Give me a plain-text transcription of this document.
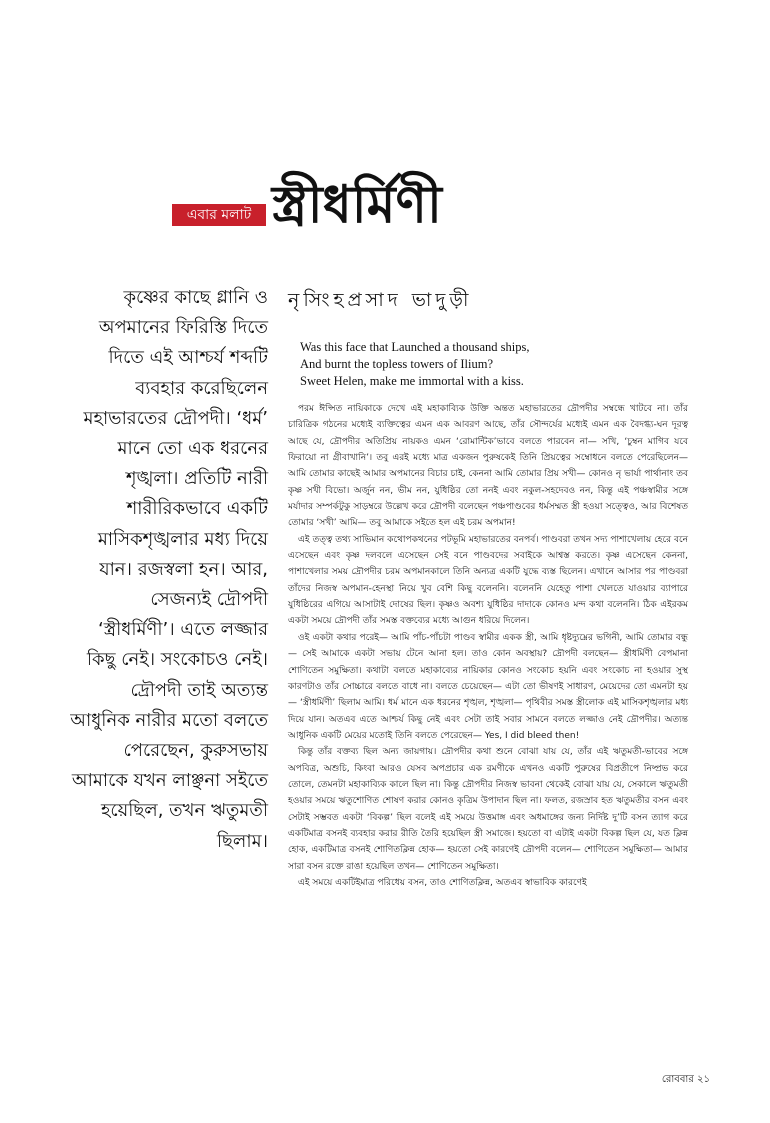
এবার মলাট স্ত্রীধর্মিণী
কৃষ্ণের কাছে গ্লানি ও অপমানের ফিরিস্তি দিতে দিতে এই আশ্চর্য শব্দটি ব্যবহার করেছিলেন মহাভারতের দ্রৌপদী। ‘ধর্ম’ মানে তো এক ধরনের শৃঙ্খলা। প্রতিটি নারী শারীরিকভাবে একটি মাসিকশৃঙ্খলার মধ্য দিয়ে যান। রজস্বলা হন। আর, সেজন্যই দ্রৌপদী ‘স্ত্রীধর্মিণী’। এতে লজ্জার কিছু নেই। সংকোচও নেই। দ্রৌপদী তাই অত্যন্ত আধুনিক নারীর মতো বলতে পেরেছেন, কুরুসভায় আমাকে যখন লাঞ্ছনা সইতে হয়েছিল, তখন ঋতুমতী ছিলাম।
নৃসিংহপ্রসাদ ভাদুড়ী
Was this face that Launched a thousand ships,
And burnt the topless towers of Ilium?
Sweet Helen, make me immortal with a kiss.

পরম ঈপ্সিত নায়িকাকে দেখে এই মহাকাব্যিক উক্তি অন্তত মহাভারতের দ্রৌপদীর সম্বন্ধে খাটবে না। তাঁর চারিত্রিক গঠনের মধ্যেই ব্যক্তিত্বের এমন এক আবরণ আছে, তাঁর সৌন্দর্যের মধ্যেই এমন এক বৈদগ্ধ্য-ঘন দূরত্ব আছে যে, দ্রৌপদীর অতিপ্রিয় নায়কও এমন ‘রোমান্টিক’ভাবে বলতে পারবেন না— সখি, ‘চুম্বন মাগিব যবে ফিরায়ো না গ্রীবাখানি’। তবু এরই মধ্যে মাত্র একজন পুরুষকেই তিনি প্রিয়ত্বের সম্বোধনে বলতে পেরেছিলেন— আমি তোমার কাছেই আমার অপমানের বিচার চাই, কেননা আমি তোমার প্রিয় সখী— কোনও নৃ ভার্যা পার্থানাং তব কৃষ্ণ সখী বিভো। অর্জুন নন, ভীম নন, যুধিষ্ঠির তো নন‌ই এবং নকুল-সহদেবও নন, কিন্তু এই পঞ্চস্বামীর সঙ্গে মর্যাদার সম্পর্কটুকু সাড়ম্বরে উল্লেখ করে দ্রৌপদী বলেছেন পঞ্চপাণ্ডবের ধর্মসম্মত স্ত্রী হওয়া সত্ত্বেও, আর বিশেষত তোমার ‘সখী’ আমি— তবু আমাকে সইতে হল এই চরম অপমান!

এই তত্ত্ব তথ্য সাভিমান কথোপকথনের পটভূমি মহাভারতের বনপর্ব। পাণ্ডবরা তখন সদ্য পাশাখেলায় হেরে বনে এসেছেন এবং কৃষ্ণ দলবলে এসেছেন সেই বনে পাণ্ডবদের সবাইকে আশ্বস্ত করতে। কৃষ্ণ এসেছেন কেননা, পাশাখেলার সময় দ্রৌপদীর চরম অপমানকালে তিনি অন্যত্র একটি যুদ্ধে ব্যস্ত ছিলেন। এখানে আসার পর পাণ্ডবরা তাঁদের নিজস্ব অপমান-হেনস্থা নিয়ে খুব বেশি কিছু বলেননি। বলেননি যেহেতু পাশা খেলতে যাওয়ার ব্যাপারে যুধিষ্ঠিরের এগিয়ে আসাটাই দোষের ছিল। কৃষ্ণও অবশ্য যুধিষ্ঠির দাদাকে কোনও মন্দ কথা বলেননি। ঠিক এইরকম একটা সময়ে দ্রৌপদী তাঁর সমস্ত বক্তব্যের মধ্যে আগুন ধরিয়ে দিলেন।

ওই একটা কথার পরেই— আমি পাঁচ-পাঁচটা পাণ্ডব স্বামীর একক স্ত্রী, আমি ধৃষ্টদ্যুম্নের ভগিনী, আমি তোমার বন্ধু— সেই আমাকে একটা সভায় টেনে আনা হল। তাও কোন অবস্থায়? দ্রৌপদী বলছেন— স্ত্রীধর্মিণী বেপমানা শোণিতেন সমুক্ষিতা। কথাটা বলতে মহাকাব্যের নায়িকার কোনও সংকোচ হয়নি এবং সংকোচ না হওয়ার সুস্থ কারণটাও তাঁর সোচ্চারে বলতে বাধে না। বলতে চেয়েছেন— এটা তো ভীষণই সাধারণ, মেয়েদের তো এমনটা হয়— ‘স্ত্রীধর্মিণী’ ছিলাম আমি। ধর্ম মানে এক ধরনের শৃঙ্খল, শৃঙ্খলা— পৃথিবীর সমস্ত স্ত্রীলোক এই মাসিকশৃঙ্খলার মধ্য দিয়ে যান। অতএব এতে আশ্চর্য কিছু নেই এবং সেটা তাই সবার সামনে বলতে লজ্জাও নেই দ্রৌপদীর। অত্যন্ত আধুনিক একটি মেয়ের মতোই তিনি বলতে পেরেছেন— Yes, I did bleed then!

কিন্তু তাঁর বক্তব্য ছিল অন্য জায়গায়। দ্রৌপদীর কথা শুনে বোঝা যায় যে, তাঁর এই ঋতুমতী-ভাবের সঙ্গে অপবিত্র, অশুচি, কিংবা আরও যেসব অপপ্রচার এক রমণীকে এখনও একটি পুরুষের বিপ্রতীপে নিষ্প্রভ করে তোলে, তেমনটা মহাকাব্যিক কালে ছিল না। কিন্তু দ্রৌপদীর নিজস্ব ভাবনা থেকেই বোঝা যায় যে, সেকালে ঋতুমতী হওয়ার সময়ে ঋতুশোণিত শোষণ করার কোনও কৃত্রিম উপাদান ছিল না। ফলত, রজস্রাব হত ঋতুমতীর বসন এবং সেটাই সম্ভবত একটা ‘বিকল্প’ ছিল বলেই এই সময়ে উত্তমাঙ্গ এবং অধমাঙ্গের জন্য নির্দিষ্ট দু’টি বসন ত্যাগ করে একটিমাত্র বসনই ব্যবহার করার রীতি তৈরি হয়েছিল স্ত্রী সমাজে। হয়তো বা এটাই একটা বিকল্প ছিল যে, যত ক্লিন্ন হোক, একটিমাত্র বসনই শোণিতক্লিন্ন হোক— হয়তো সেই কারণেই দ্রৌপদী বলেন— শোণিতেন সমুক্ষিতা— আমার সারা বসন রক্তে রাঙা হয়েছিল তখন— শোণিতেন সমুক্ষিতা।

এই সময়ে একটিইমাত্র পরিধেয় বসন, তাও শোণিতক্লিন্ন, অতএব স্বাভাবিক কারণেই

রোববার ২১
